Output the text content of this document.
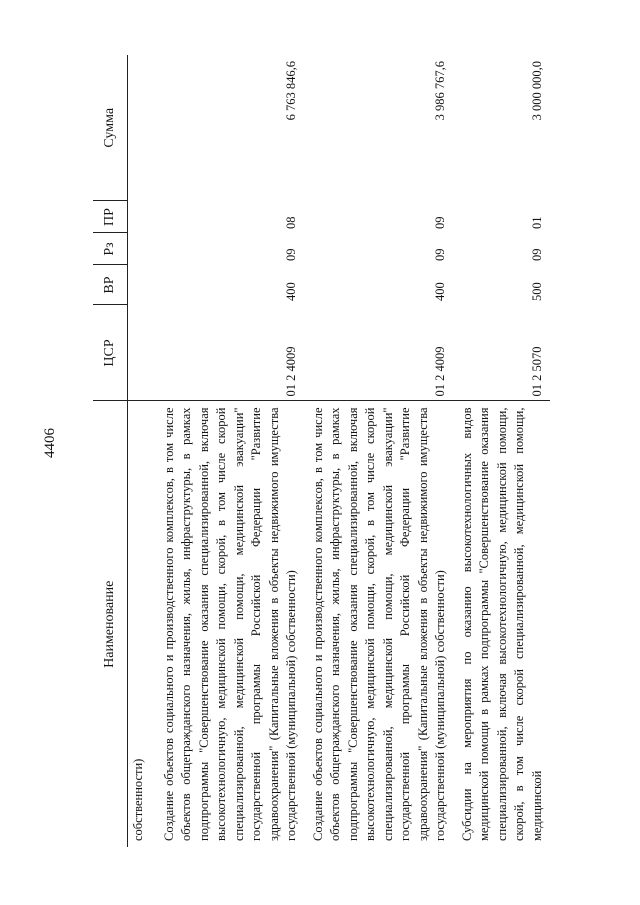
4406
Наименование	ЦСР	ВР	Рз	ПР	Сумма
собственности)					
Создание объектов социального и производственного комплексов, в том числе объектов общегражданского назначения, жилья, инфраструктуры, в рамках подпрограммы "Совершенствование оказания специализированной, включая высокотехнологичную, медицинской помощи, скорой, в том числе скорой специализированной, медицинской помощи, медицинской эвакуации" государственной программы Российской Федерации "Развитие здравоохранения" (Капитальные вложения в объекты недвижимого имущества государственной (муниципальной) собственности)	01 2 4009	400	09	08	6 763 846,6
Создание объектов социального и производственного комплексов, в том числе объектов общегражданского назначения, жилья, инфраструктуры, в рамках подпрограммы "Совершенствование оказания специализированной, включая высокотехнологичную, медицинской помощи, скорой, в том числе скорой специализированной, медицинской помощи, медицинской эвакуации" государственной программы Российской Федерации "Развитие здравоохранения" (Капитальные вложения в объекты недвижимого имущества государственной (муниципальной) собственности)	01 2 4009	400	09	09	3 986 767,6
Субсидии на мероприятия по оказанию высокотехнологичных видов медицинской помощи в рамках подпрограммы "Совершенствование оказания специализированной, включая высокотехнологичную, медицинской помощи, скорой, в том числе скорой специализированной, медицинской помощи, медицинской	01 2 5070	500	09	01	3 000 000,0
